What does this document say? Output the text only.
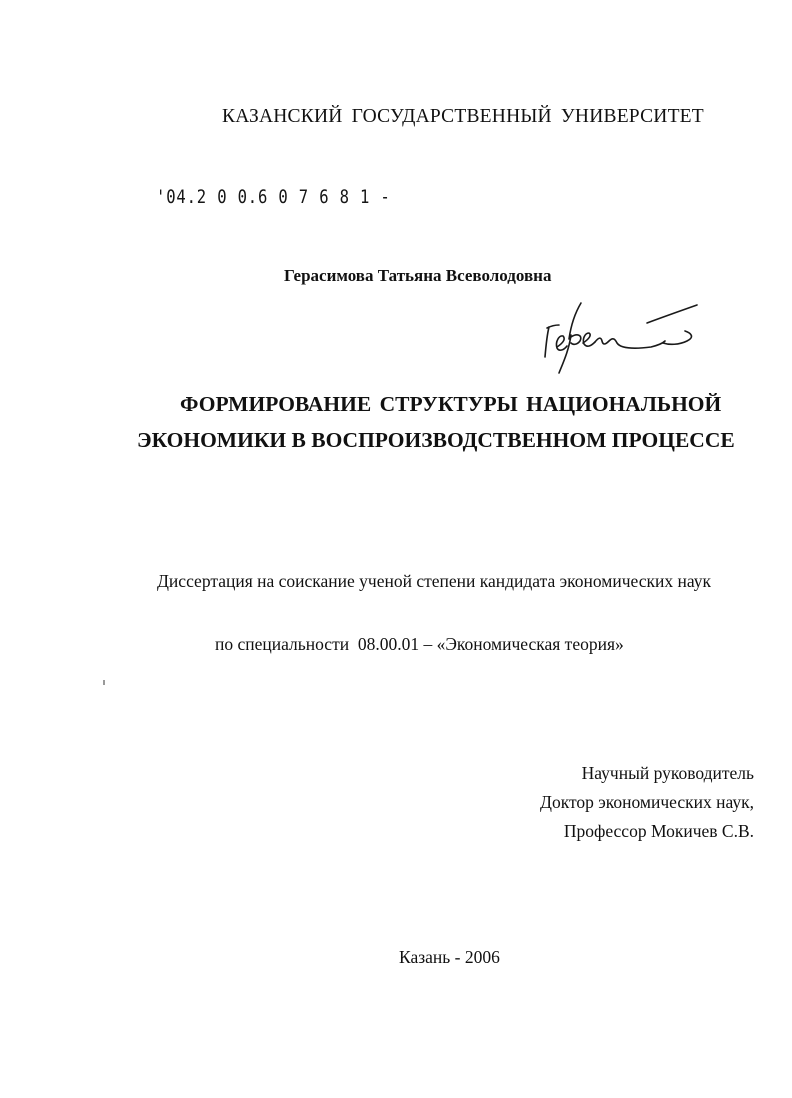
КАЗАНСКИЙ ГОСУДАРСТВЕННЫЙ УНИВЕРСИТЕТ
'04.2 0 0.6 0 7 6 8 1 -
Герасимова Татьяна Всеволодовна
ФОРМИРОВАНИЕ СТРУКТУРЫ НАЦИОНАЛЬНОЙ
ЭКОНОМИКИ В ВОСПРОИЗВОДСТВЕННОМ ПРОЦЕССЕ
Диссертация на соискание ученой степени кандидата экономических наук
по специальности  08.00.01 – «Экономическая теория»
Научный руководитель
Доктор экономических наук,
Профессор Мокичев С.В.
Казань - 2006
